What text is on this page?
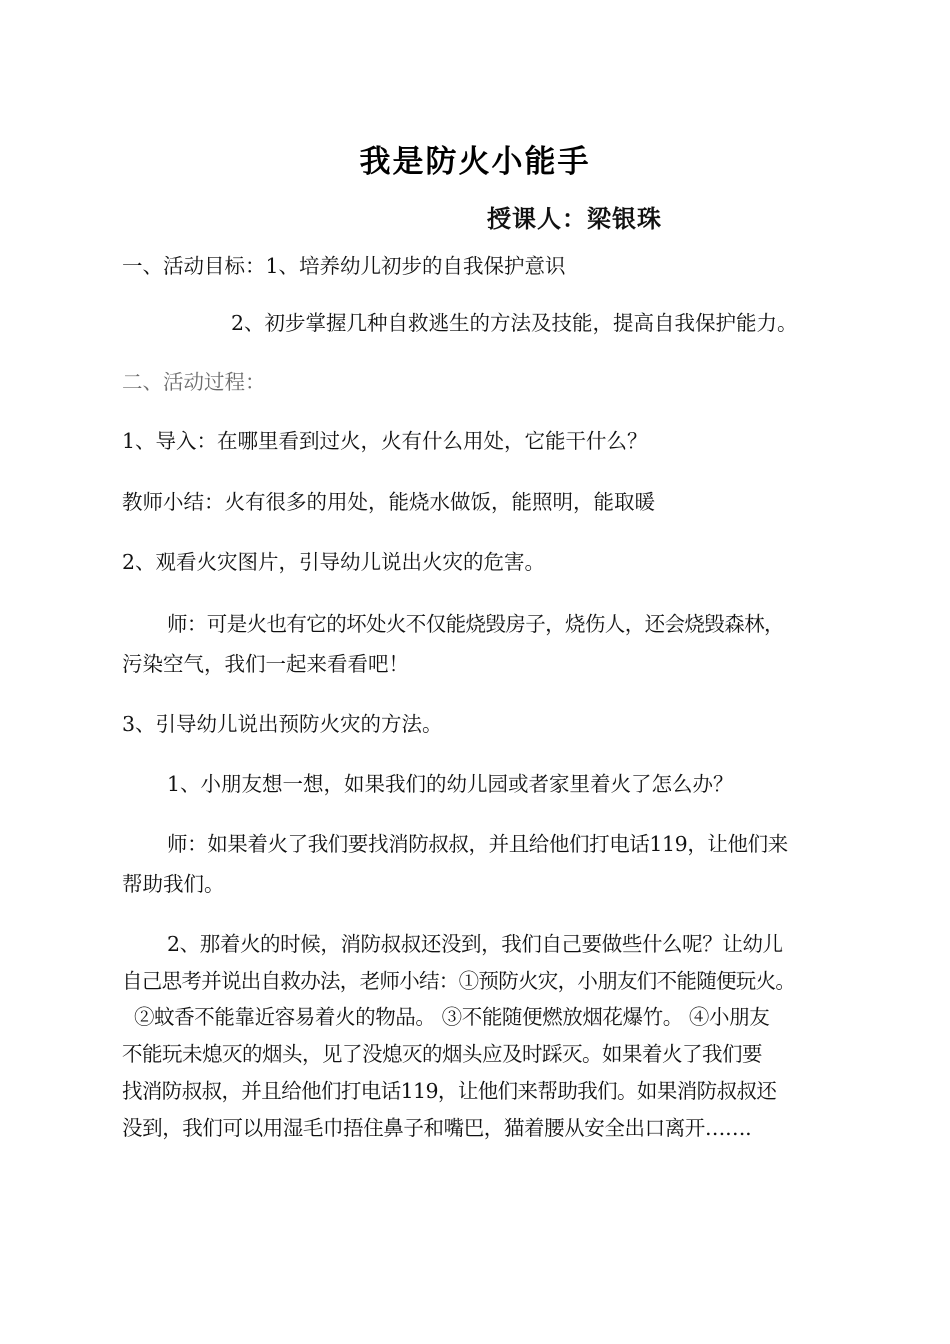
我是防火小能手
授课人：梁银珠
一、活动目标：1、培养幼儿初步的自我保护意识
2、初步掌握几种自救逃生的方法及技能，提高自我保护能力。
二、活动过程：
1、导入：在哪里看到过火，火有什么用处，它能干什么？
教师小结：火有很多的用处，能烧水做饭，能照明，能取暖
2、观看火灾图片，引导幼儿说出火灾的危害。
师：可是火也有它的坏处火不仅能烧毁房子，烧伤人，还会烧毁森林，
污染空气，我们一起来看看吧！
3、引导幼儿说出预防火灾的方法。
1、小朋友想一想，如果我们的幼儿园或者家里着火了怎么办？
师：如果着火了我们要找消防叔叔，并且给他们打电话119，让他们来
帮助我们。
2、那着火的时候，消防叔叔还没到，我们自己要做些什么呢？让幼儿
自己思考并说出自救办法，老师小结：①预防火灾，小朋友们不能随便玩火。
②蚊香不能靠近容易着火的物品。 ③不能随便燃放烟花爆竹。 ④小朋友
不能玩未熄灭的烟头，见了没熄灭的烟头应及时踩灭。如果着火了我们要
找消防叔叔，并且给他们打电话119，让他们来帮助我们。如果消防叔叔还
没到，我们可以用湿毛巾捂住鼻子和嘴巴，猫着腰从安全出口离开…….
